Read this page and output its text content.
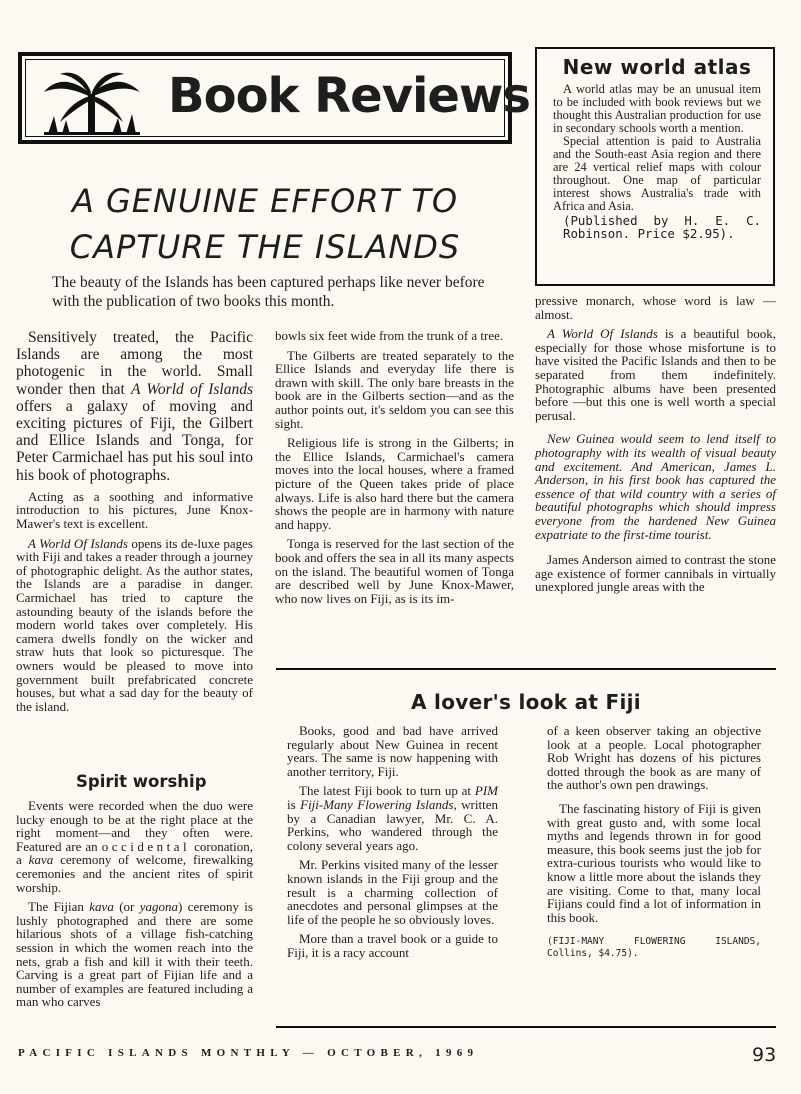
Book Reviews
A GENUINE EFFORT TO
CAPTURE THE ISLANDS
The beauty of the Islands has been captured perhaps like never before with the publication of two books this month.
New world atlas

A world atlas may be an unusual item to be included with book reviews but we thought this Australian production for use in secondary schools worth a mention.

Special attention is paid to Australia and the South-east Asia region and there are 24 vertical relief maps with colour throughout. One map of particular interest shows Australia's trade with Africa and Asia.

(Published by H. E. C. Robinson. Price $2.95).

Sensitively treated, the Pacific Islands are among the most photogenic in the world. Small wonder then that A World of Islands offers a galaxy of moving and exciting pictures of Fiji, the Gilbert and Ellice Islands and Tonga, for Peter Carmichael has put his soul into his book of photographs.

Acting as a soothing and informative introduction to his pictures, June Knox-Mawer's text is excellent.

A World Of Islands opens its de-luxe pages with Fiji and takes a reader through a journey of photographic delight. As the author states, the Islands are a paradise in danger. Carmichael has tried to capture the astounding beauty of the islands before the modern world takes over completely. His camera dwells fondly on the wicker and straw huts that look so picturesque. The owners would be pleased to move into government built prefabricated concrete houses, but what a sad day for the beauty of the island.

Spirit worship

Events were recorded when the duo were lucky enough to be at the right place at the right moment—and they often were. Featured are an occidental coronation, a kava ceremony of welcome, firewalking ceremonies and the ancient rites of spirit worship.

The Fijian kava (or yagona) ceremony is lushly photographed and there are some hilarious shots of a village fish-catching session in which the women reach into the nets, grab a fish and kill it with their teeth. Carving is a great part of Fijian life and a number of examples are featured including a man who carves

bowls six feet wide from the trunk of a tree.

The Gilberts are treated separately to the Ellice Islands and everyday life there is drawn with skill. The only bare breasts in the book are in the Gilberts section—and as the author points out, it's seldom you can see this sight.

Religious life is strong in the Gilberts; in the Ellice Islands, Carmichael's camera moves into the local houses, where a framed picture of the Queen takes pride of place always. Life is also hard there but the camera shows the people are in harmony with nature and happy.

Tonga is reserved for the last section of the book and offers the sea in all its many aspects on the island. The beautiful women of Tonga are described well by June Knox-Mawer, who now lives on Fiji, as is its im-

pressive monarch, whose word is law —almost.

A World Of Islands is a beautiful book, especially for those whose misfortune is to have visited the Pacific Islands and then to be separated from them indefinitely. Photographic albums have been presented before —but this one is well worth a special perusal.

New Guinea would seem to lend itself to photography with its wealth of visual beauty and excitement. And American, James L. Anderson, in his first book has captured the essence of that wild country with a series of beautiful photographs which should impress everyone from the hardened New Guinea expatriate to the first-time tourist.

James Anderson aimed to contrast the stone age existence of former cannibals in virtually unexplored jungle areas with the

A lover's look at Fiji

Books, good and bad have arrived regularly about New Guinea in recent years. The same is now happening with another territory, Fiji.

The latest Fiji book to turn up at PIM is Fiji-Many Flowering Islands, written by a Canadian lawyer, Mr. C. A. Perkins, who wandered through the colony several years ago.

Mr. Perkins visited many of the lesser known islands in the Fiji group and the result is a charming collection of anecdotes and personal glimpses at the life of the people he so obviously loves.

More than a travel book or a guide to Fiji, it is a racy account

of a keen observer taking an objective look at a people. Local photographer Rob Wright has dozens of his pictures dotted through the book as are many of the author's own pen drawings.

The fascinating history of Fiji is given with great gusto and, with some local myths and legends thrown in for good measure, this book seems just the job for extra-curious tourists who would like to know a little more about the islands they are visiting. Come to that, many local Fijians could find a lot of information in this book.

(FIJI-MANY FLOWERING ISLANDS, Collins, $4.75).

PACIFIC ISLANDS MONTHLY — OCTOBER, 1969	93
